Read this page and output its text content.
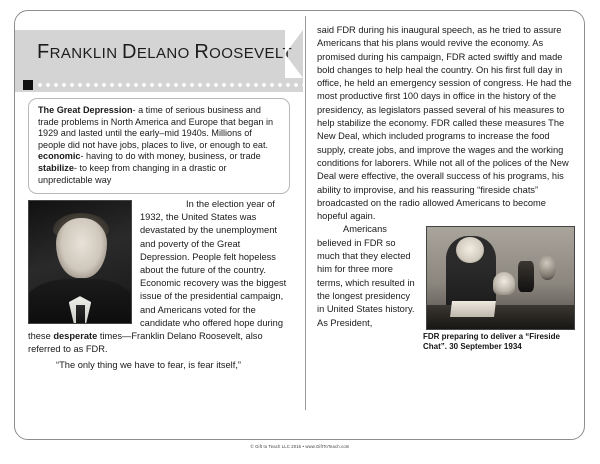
FRANKLIN DELANO ROOSEVELT

The Great Depression- a time of serious business and trade problems in North America and Europe that began in 1929 and lasted until the early–mid 1940s. Millions of people did not have jobs, places to live, or enough to eat.

economic- having to do with money, business, or trade

stabilize- to keep from changing in a drastic or unpredictable way

In the election year of 1932, the United States was devastated by the unemployment and poverty of the Great Depression. People felt hopeless about the future of the country. Economic recovery was the biggest issue of the presidential campaign, and Americans voted for the candidate who offered hope during these desperate times—Franklin Delano Roosevelt, also referred to as FDR.

“The only thing we have to fear, is fear itself,”

said FDR during his inaugural speech, as he tried to assure Americans that his plans would revive the economy. As promised during his campaign, FDR acted swiftly and made bold changes to help heal the country. On his first full day in office, he held an emergency session of congress. He had the most productive first 100 days in office in the history of the presidency, as legislators passed several of his measures to help stabilize the economy. FDR called these measures The New Deal, which included programs to increase the food supply, create jobs, and improve the wages and the working conditions for laborers. While not all of the polices of the New Deal were effective, the overall success of his programs, his ability to improvise, and his reassuring “fireside chats” broadcasted on the radio allowed Americans to become hopeful again.

Americans believed in FDR so much that they elected him for three more terms, which resulted in the longest presidency in United States history. As President,

FDR preparing to deliver a “Fireside Chat”. 30 September 1934
© Gift to Teach LLC 2016 • www.GiftToTeach.com
